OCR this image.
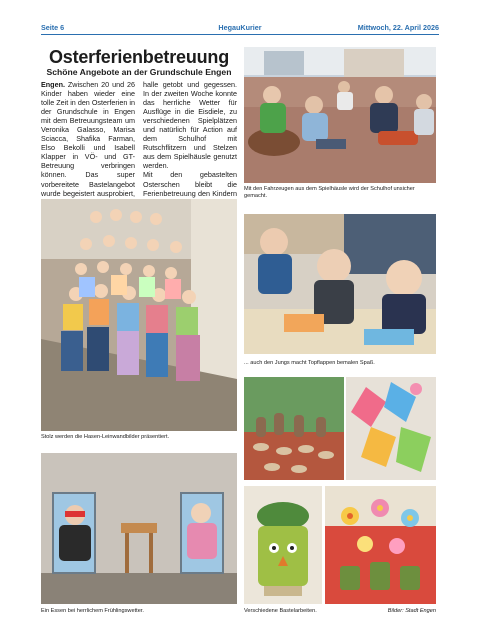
Seite 6	HegauKurier	Mittwoch, 22. April 2026
Osterferienbetreuung
Schöne Angebote an der Grundschule Engen

Engen. Zwischen 20 und 26 Kinder haben wieder eine tolle Zeit in den Osterferien in der Grundschule in Engen mit dem Betreuungsteam um Veronika Galasso, Marisa Sciacca, Shafika Farman, Elso Bekolli und Isabell Klapper in VÖ- und GT-Betreuung verbringen können. Das super vorbereitete Bastelangebot wurde begeistert ausprobiert,

halle getobt und gegessen. In der zweiten Woche konnte das herrliche Wetter für Ausflüge in die Eisdiele, zu verschiedenen Spielplätzen und natürlich für Action auf dem Schulhof mit Rutschflitzern und Stelzen aus dem Spielhäusle genutzt werden.

Mit den gebastelten Osterschen bleibt die Ferienbetreuung den Kindern Mit den Fahrzeugen aus dem Spielhäusle wird der Schulhof unsicher gemacht.
Stolz werden die Hasen-Leinwandbilder präsentiert.
... auch den Jungs macht Topflappen bemalen Spaß.
Ein Essen bei herrlichem Frühlingswetter.	Verschiedene Bastelarbeiten.	Bilder: Stadt Engen
